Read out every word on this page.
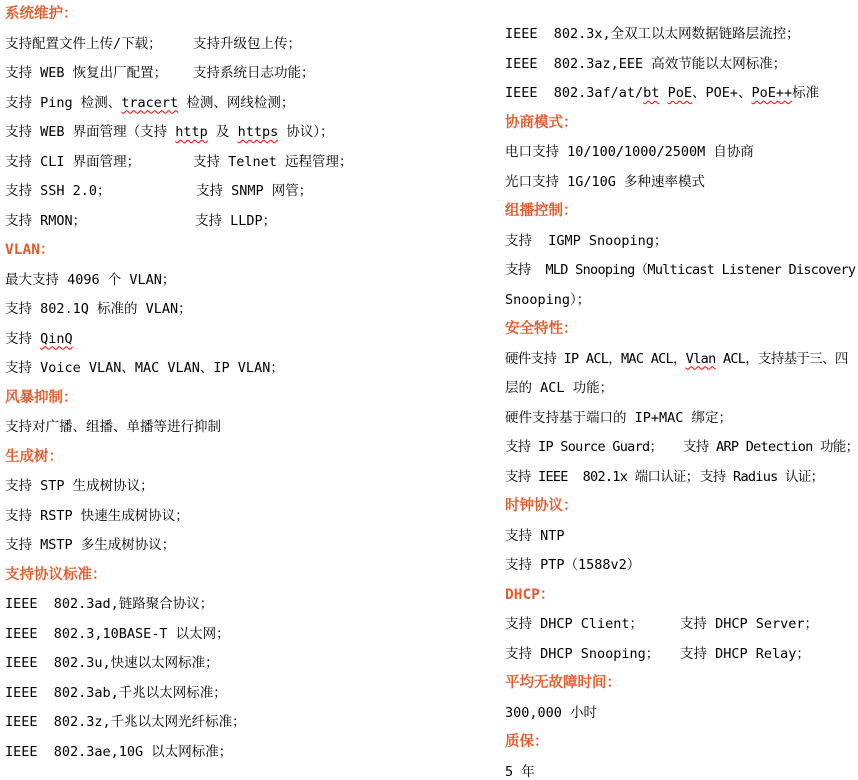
系统维护：
支持配置文件上传/下载； 支持升级包上传；
支持 WEB 恢复出厂配置； 支持系统日志功能；
支持 Ping 检测、tracert 检测、网线检测；
支持 WEB 界面管理（支持 http 及 https 协议）；
支持 CLI 界面管理；	支持 Telnet 远程管理；
支持 SSH 2.0；	支持 SNMP 网管；
支持 RMON；	支持 LLDP；
VLAN：
最大支持 4096 个 VLAN；
支持 802.1Q 标准的 VLAN；
支持 QinQ
支持 Voice VLAN、MAC VLAN、IP VLAN；
风暴抑制：
支持对广播、组播、单播等进行抑制
生成树：
支持 STP 生成树协议；
支持 RSTP 快速生成树协议；
支持 MSTP 多生成树协议；
支持协议标准：
IEEE  802.3ad,链路聚合协议；
IEEE  802.3,10BASE-T 以太网；
IEEE  802.3u,快速以太网标准；
IEEE  802.3ab,千兆以太网标准；
IEEE  802.3z,千兆以太网光纤标准；
IEEE  802.3ae,10G 以太网标准；
IEEE  802.3x,全双工以太网数据链路层流控；
IEEE  802.3az,EEE 高效节能以太网标准；
IEEE  802.3af/at/bt PoE、POE+、PoE++标准
协商模式：
电口支持 10/100/1000/2500M 自协商
光口支持 1G/10G 多种速率模式
组播控制：
支持  IGMP Snooping；
支持  MLD Snooping（Multicast Listener Discovery
Snooping）；
安全特性：
硬件支持 IP ACL，MAC ACL，Vlan ACL，支持基于三、四
层的 ACL 功能；
硬件支持基于端口的 IP+MAC 绑定；
支持 IP Source Guard； 支持 ARP Detection 功能；
支持 IEEE  802.1x 端口认证； 支持 Radius 认证；
时钟协议：
支持 NTP
支持 PTP（1588v2）
DHCP：
支持 DHCP Client；	支持 DHCP Server；
支持 DHCP Snooping； 支持 DHCP Relay；
平均无故障时间：
300,000 小时
质保：
5 年
